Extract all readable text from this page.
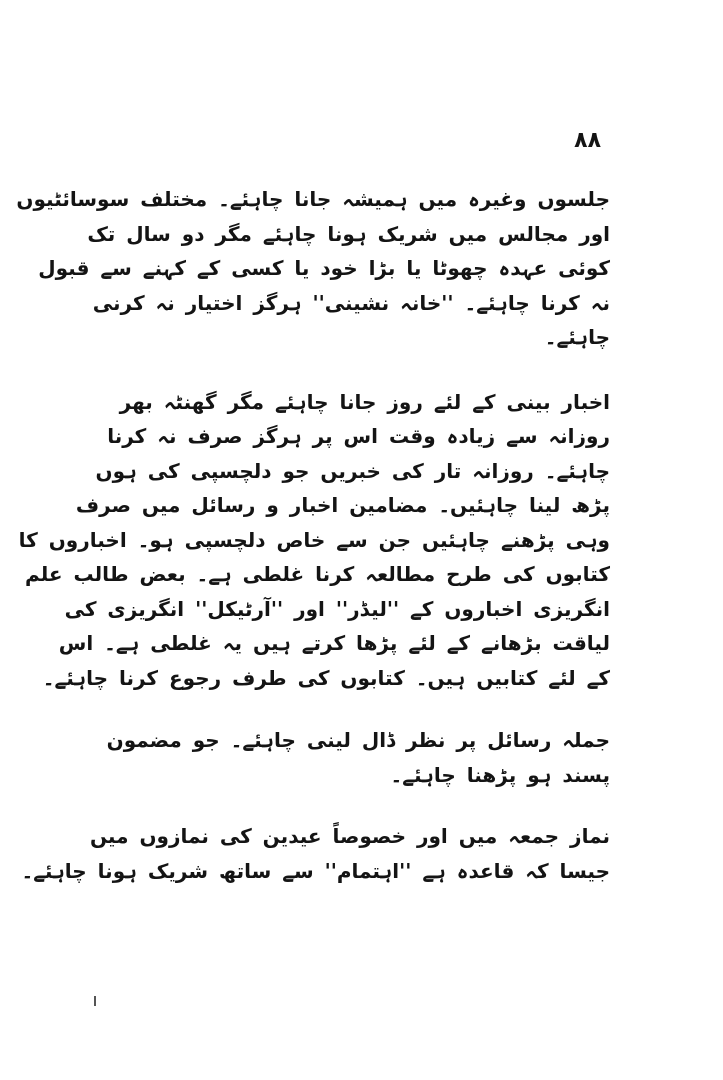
۸۸

جلسوں وغیرہ میں ہمیشہ جانا چاہئے۔ مختلف سوسائٹیوں
اور مجالس میں شریک ہونا چاہئے مگر دو سال تک
کوئی عہدہ چھوٹا یا بڑا خود یا کسی کے کہنے سے قبول
نہ کرنا چاہئے۔ ''خانہ نشینی'' ہرگز اختیار نہ کرنی
چاہئے۔

اخبار بینی کے لئے روز جانا چاہئے مگر گھنٹہ بھر
روزانہ سے زیادہ وقت اس پر ہرگز صرف نہ کرنا
چاہئے۔ روزانہ تار کی خبریں جو دلچسپی کی ہوں
پڑھ لینا چاہئیں۔ مضامین اخبار و رسائل میں صرف
وہی پڑھنے چاہئیں جن سے خاص دلچسپی ہو۔ اخباروں کا
کتابوں کی طرح مطالعہ کرنا غلطی ہے۔ بعض طالب علم
انگریزی اخباروں کے ''لیڈر'' اور ''آرٹیکل'' انگریزی کی
لیاقت بڑھانے کے لئے پڑھا کرتے ہیں یہ غلطی ہے۔ اس
کے لئے کتابیں ہیں۔ کتابوں کی طرف رجوع کرنا چاہئے۔

جملہ رسائل پر نظر ڈال لینی چاہئے۔ جو مضمون
پسند ہو پڑھنا چاہئے۔

نماز جمعہ میں اور خصوصاً عیدین کی نمازوں میں
جیسا کہ قاعدہ ہے ''اہتمام'' سے ساتھ شریک ہونا چاہئے۔
